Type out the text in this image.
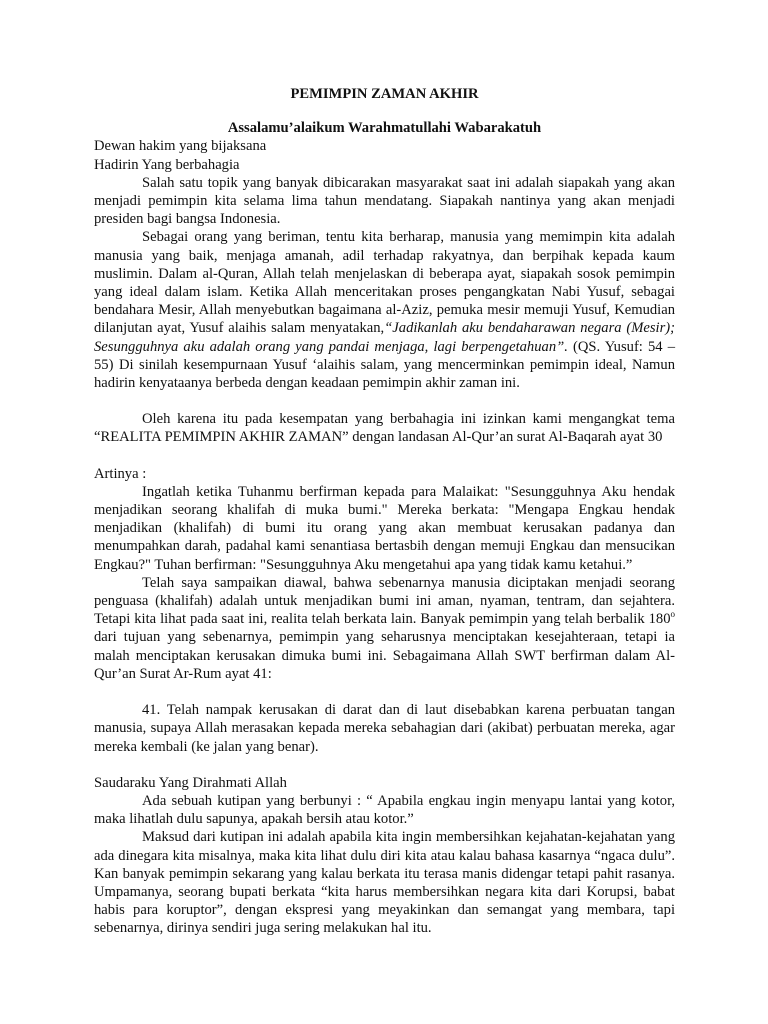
PEMIMPIN ZAMAN AKHIR

Assalamu’alaikum Warahmatullahi Wabarakatuh

Dewan hakim yang bijaksana

Hadirin Yang berbahagia

Salah satu topik yang banyak dibicarakan masyarakat saat ini adalah siapakah yang akan menjadi pemimpin kita selama lima tahun mendatang. Siapakah nantinya yang akan menjadi presiden bagi bangsa Indonesia.

Sebagai orang yang beriman, tentu kita berharap, manusia yang memimpin kita adalah manusia yang baik, menjaga amanah, adil terhadap rakyatnya, dan berpihak kepada kaum muslimin. Dalam al-Quran, Allah telah menjelaskan di beberapa ayat, siapakah sosok pemimpin yang ideal dalam islam. Ketika Allah menceritakan proses pengangkatan Nabi Yusuf, sebagai bendahara Mesir, Allah menyebutkan bagaimana al-Aziz, pemuka mesir memuji Yusuf, Kemudian dilanjutan ayat, Yusuf alaihis salam menyatakan,“Jadikanlah aku bendaharawan negara (Mesir); Sesungguhnya aku adalah orang yang pandai menjaga, lagi berpengetahuan”. (QS. Yusuf: 54 – 55) Di sinilah kesempurnaan Yusuf ‘alaihis salam, yang mencerminkan pemimpin ideal, Namun hadirin kenyataanya berbeda dengan keadaan pemimpin akhir zaman ini.

Oleh karena itu pada kesempatan yang berbahagia ini izinkan kami mengangkat tema “REALITA PEMIMPIN AKHIR ZAMAN” dengan landasan Al-Qur’an surat Al-Baqarah ayat 30

Artinya :

Ingatlah ketika Tuhanmu berfirman kepada para Malaikat: "Sesungguhnya Aku hendak menjadikan seorang khalifah di muka bumi." Mereka berkata: "Mengapa Engkau hendak menjadikan (khalifah) di bumi itu orang yang akan membuat kerusakan padanya dan menumpahkan darah, padahal kami senantiasa bertasbih dengan memuji Engkau dan mensucikan Engkau?" Tuhan berfirman: "Sesungguhnya Aku mengetahui apa yang tidak kamu ketahui.”

Telah saya sampaikan diawal, bahwa sebenarnya manusia diciptakan menjadi seorang penguasa (khalifah) adalah untuk menjadikan bumi ini aman, nyaman, tentram, dan sejahtera. Tetapi kita lihat pada saat ini, realita telah berkata lain. Banyak pemimpin yang telah berbalik 180$^o$ dari tujuan yang sebenarnya, pemimpin yang seharusnya menciptakan kesejahteraan, tetapi ia malah menciptakan kerusakan dimuka bumi ini. Sebagaimana Allah SWT berfirman dalam Al-Qur’an Surat Ar-Rum ayat 41:

41. Telah nampak kerusakan di darat dan di laut disebabkan karena perbuatan tangan manusia, supaya Allah merasakan kepada mereka sebahagian dari (akibat) perbuatan mereka, agar mereka kembali (ke jalan yang benar).

Saudaraku Yang Dirahmati Allah

Ada sebuah kutipan yang berbunyi : “ Apabila engkau ingin menyapu lantai yang kotor, maka lihatlah dulu sapunya, apakah bersih atau kotor.”

Maksud dari kutipan ini adalah apabila kita ingin membersihkan kejahatan-kejahatan yang ada dinegara kita misalnya, maka kita lihat dulu diri kita atau kalau bahasa kasarnya “ngaca dulu”. Kan banyak pemimpin sekarang yang kalau berkata itu terasa manis didengar tetapi pahit rasanya. Umpamanya, seorang bupati berkata “kita harus membersihkan negara kita dari Korupsi, babat habis para koruptor”, dengan ekspresi yang meyakinkan dan semangat yang membara, tapi sebenarnya, dirinya sendiri juga sering melakukan hal itu.
